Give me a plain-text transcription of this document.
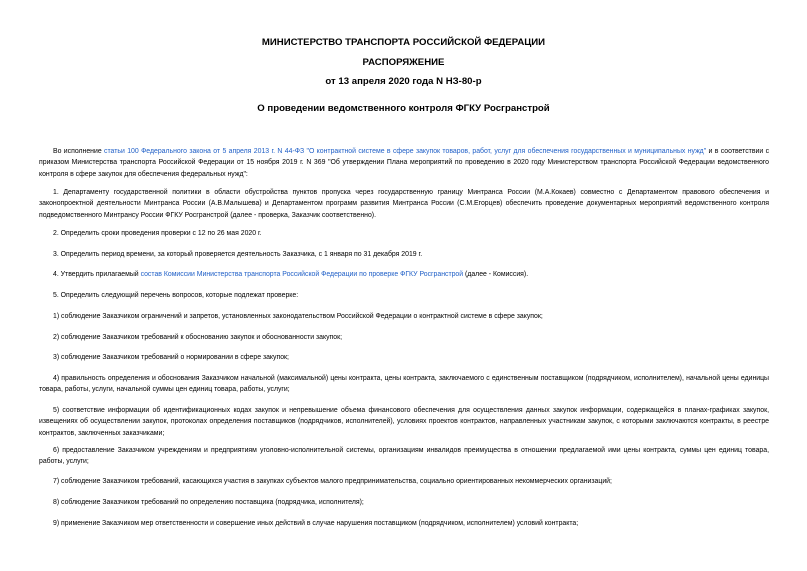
МИНИСТЕРСТВО ТРАНСПОРТА РОССИЙСКОЙ ФЕДЕРАЦИИ
РАСПОРЯЖЕНИЕ
от 13 апреля 2020 года N НЗ-80-р
О проведении ведомственного контроля ФГКУ Росгранстрой
Во исполнение статьи 100 Федерального закона от 5 апреля 2013 г. N 44-ФЗ "О контрактной системе в сфере закупок товаров, работ, услуг для обеспечения государственных и муниципальных нужд" и в соответствии с приказом Министерства транспорта Российской Федерации от 15 ноября 2019 г. N 369 "Об утверждении Плана мероприятий по проведению в 2020 году Министерством транспорта Российской Федерации ведомственного контроля в сфере закупок для обеспечения федеральных нужд":
1. Департаменту государственной политики в области обустройства пунктов пропуска через государственную границу Минтранса России (М.А.Кокаев) совместно с Департаментом правового обеспечения и законопроектной деятельности Минтранса России (А.В.Малышева) и Департаментом программ развития Минтранса России (С.М.Егорцев) обеспечить проведение документарных мероприятий ведомственного контроля подведомственного Минтрансу России ФГКУ Росгранстрой (далее - проверка, Заказчик соответственно).
2. Определить сроки проведения проверки с 12 по 26 мая 2020 г.
3. Определить период времени, за который проверяется деятельность Заказчика, с 1 января по 31 декабря 2019 г.
4. Утвердить прилагаемый состав Комиссии Министерства транспорта Российской Федерации по проверке ФГКУ Росгранстрой (далее - Комиссия).
5. Определить следующий перечень вопросов, которые подлежат проверке:
1) соблюдение Заказчиком ограничений и запретов, установленных законодательством Российской Федерации о контрактной системе в сфере закупок;
2) соблюдение Заказчиком требований к обоснованию закупок и обоснованности закупок;
3) соблюдение Заказчиком требований о нормировании в сфере закупок;
4) правильность определения и обоснования Заказчиком начальной (максимальной) цены контракта, цены контракта, заключаемого с единственным поставщиком (подрядчиком, исполнителем), начальной цены единицы товара, работы, услуги, начальной суммы цен единиц товара, работы, услуги;
5) соответствие информации об идентификационных кодах закупок и непревышение объема финансового обеспечения для осуществления данных закупок информации, содержащейся в планах-графиках закупок, извещениях об осуществлении закупок, протоколах определения поставщиков (подрядчиков, исполнителей), условиях проектов контрактов, направленных участникам закупок, с которыми заключаются контракты, в реестре контрактов, заключенных заказчиками;
6) предоставление Заказчиком учреждениям и предприятиям уголовно-исполнительной системы, организациям инвалидов преимущества в отношении предлагаемой ими цены контракта, суммы цен единиц товара, работы, услуги;
7) соблюдение Заказчиком требований, касающихся участия в закупках субъектов малого предпринимательства, социально ориентированных некоммерческих организаций;
8) соблюдение Заказчиком требований по определению поставщика (подрядчика, исполнителя);
9) применение Заказчиком мер ответственности и совершение иных действий в случае нарушения поставщиком (подрядчиком, исполнителем) условий контракта;
